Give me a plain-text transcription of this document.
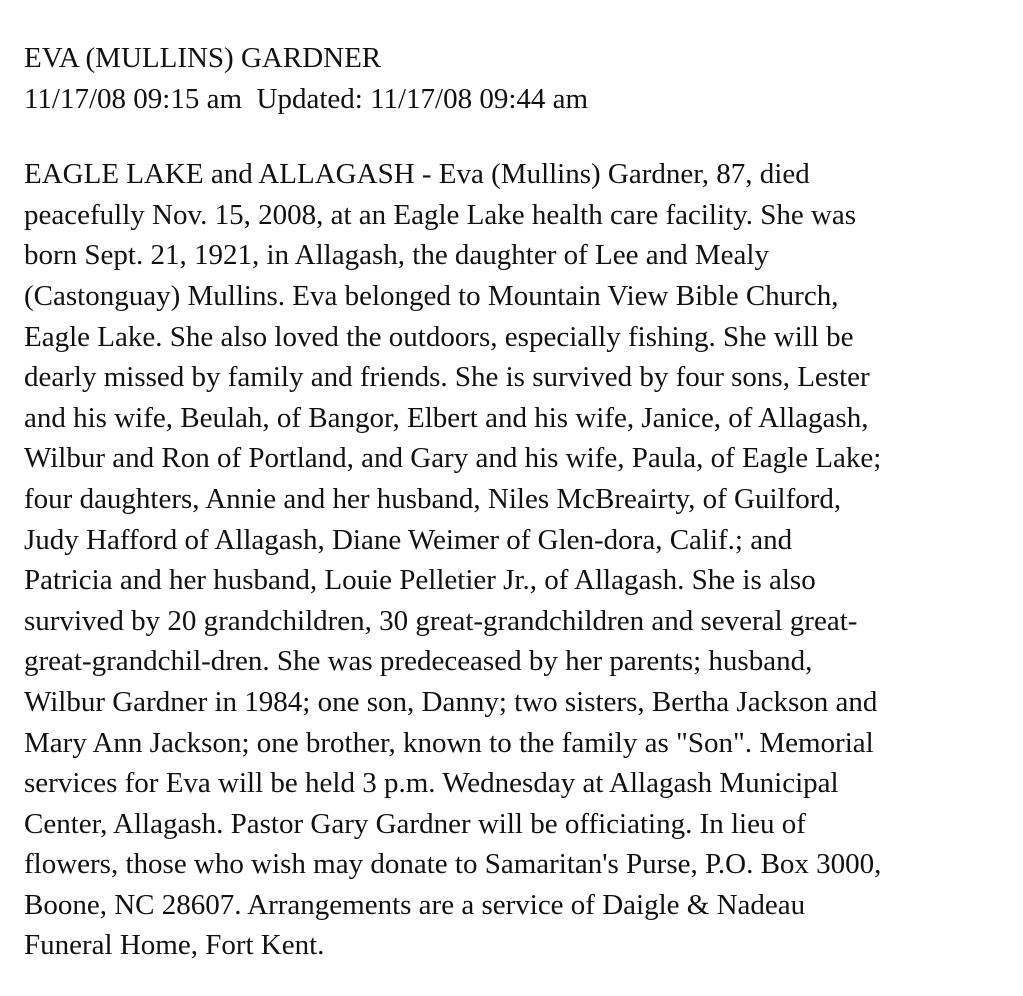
EVA (MULLINS) GARDNER
11/17/08 09:15 am  Updated: 11/17/08 09:44 am
EAGLE LAKE and ALLAGASH - Eva (Mullins) Gardner, 87, died
peacefully Nov. 15, 2008, at an Eagle Lake health care facility. She was
born Sept. 21, 1921, in Allagash, the daughter of Lee and Mealy
(Castonguay) Mullins. Eva belonged to Mountain View Bible Church,
Eagle Lake. She also loved the outdoors, especially fishing. She will be
dearly missed by family and friends. She is survived by four sons, Lester
and his wife, Beulah, of Bangor, Elbert and his wife, Janice, of Allagash,
Wilbur and Ron of Portland, and Gary and his wife, Paula, of Eagle Lake;
four daughters, Annie and her husband, Niles McBreairty, of Guilford,
Judy Hafford of Allagash, Diane Weimer of Glen-dora, Calif.; and
Patricia and her husband, Louie Pelletier Jr., of Allagash. She is also
survived by 20 grandchildren, 30 great-grandchildren and several great-
great-grandchil-dren. She was predeceased by her parents; husband,
Wilbur Gardner in 1984; one son, Danny; two sisters, Bertha Jackson and
Mary Ann Jackson; one brother, known to the family as "Son". Memorial
services for Eva will be held 3 p.m. Wednesday at Allagash Municipal
Center, Allagash. Pastor Gary Gardner will be officiating. In lieu of
flowers, those who wish may donate to Samaritan's Purse, P.O. Box 3000,
Boone, NC 28607. Arrangements are a service of Daigle & Nadeau
Funeral Home, Fort Kent.
